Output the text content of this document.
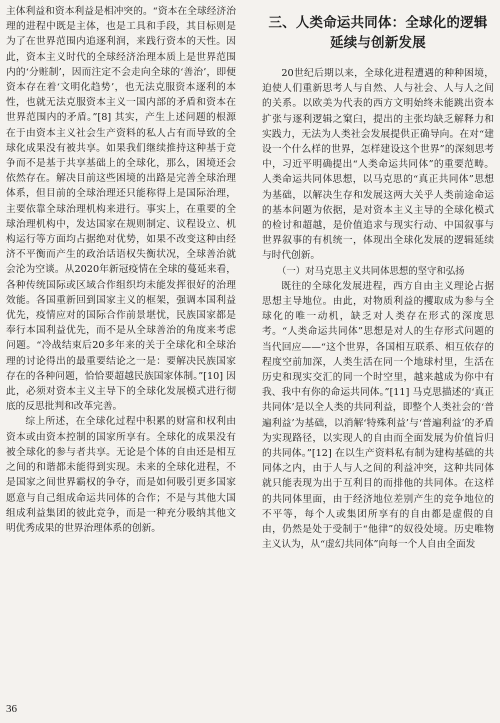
主体利益和资本利益是相冲突的。“资本在全球经济治理的进程中既是主体，也是工具和手段，其目标则是为了在世界范围内追逐利润，来践行资本的天性。因此，资本主义时代的全球经济治理本质上是世界范围内的‘分赃制’，因而注定不会走向全球的‘善治’，即便资本存在着‘文明化趋势’，也无法克服资本逐利的本性，也就无法克服资本主义一国内部的矛盾和资本在世界范围内的矛盾。”[8] 其实，产生上述问题的根源在于由资本主义社会生产资料的私人占有而导致的全球化成果没有被共享。如果我们继续推持这种基于竞争而不是基于共享基础上的全球化，那么，困境还会依然存在。解决目前这些困境的出路是完善全球治理体系，但目前的全球治理还只能称得上是国际治理，主要依靠全球治理机构来进行。事实上，在重要的全球治理机构中，发达国家在规则制定、议程设立、机构运行等方面均占据绝对优势，如果不改变这种由经济不平衡而产生的政治话语权失衡状况，全球善治就会沦为空谈。从2020年新冠疫情在全球的蔓延来看，各种传统国际或区域合作组织均未能发挥很好的治理效能。各国重新回到国家主义的框架，强调本国利益优先，疫情应对的国际合作前景堪忧，民族国家都是奉行本国利益优先，而不是从全球善治的角度来考虑问题。“冷战结束后20多年来的关于全球化和全球治理的讨论得出的最重要结论之一是：要解决民族国家存在的各种问题，恰恰要超越民族国家体制。”[10] 因此，必须对资本主义主导下的全球化发展模式进行彻底的反思批判和改革完善。

综上所述，在全球化过程中积累的财富和权利由资本或由资本控制的国家所享有。全球化的成果没有被全球化的参与者共享。无论是个体的自由还是相互之间的和谐都未能得到实现。未来的全球化进程，不是国家之间世界霸权的争夺，而是如何吸引更多国家愿意与自己组成命运共同体的合作；不是与其他大国组成利益集团的彼此竞争，而是一种充分吸纳其他文明优秀成果的世界治理体系的创新。

三、人类命运共同体：全球化的逻辑延续与创新发展

20世纪后期以来，全球化进程遭遇的种种困境，迫使人们重新思考人与自然、人与社会、人与人之间的关系。以欧美为代表的西方文明始终未能跳出资本扩张与逐利逻辑之窠臼，提出的主张均缺乏解释力和实践力，无法为人类社会发展提供正确导向。在对“建设一个什么样的世界，怎样建设这个世界”的深刻思考中，习近平明确提出“人类命运共同体”的重要范畴。人类命运共同体思想，以马克思的“真正共同体”思想为基础，以解决生存和发展这两大关乎人类前途命运的基本问题为依据，是对资本主义主导的全球化模式的检讨和超越，是价值追求与现实行动、中国叙事与世界叙事的有机统一，体现出全球化发展的逻辑延续与时代创新。

（一）对马克思主义共同体思想的坚守和弘扬

既往的全球化发展进程，西方自由主义理论占据思想主导地位。由此，对物质利益的攫取成为参与全球化的唯一动机，缺乏对人类存在形式的深度思考。“人类命运共同体”思想是对人的生存形式问题的当代回应——“这个世界，各国相互联系、相互依存的程度空前加深，人类生活在同一个地球村里，生活在历史和现实交汇的同一个时空里，越来越成为你中有我、我中有你的命运共同体。”[11] 马克思描述的‘真正共同体’是以全人类的共同利益，即整个人类社会的‘普遍利益’为基础，以消解‘特殊利益’与‘普遍利益’的矛盾为实现路径，以实现人的自由而全面发展为价值旨归的共同体。”[12] 在以生产资料私有制为建构基础的共同体之内，由于人与人之间的利益冲突，这种共同体就只能表现为出于互利目的而排他的共同体。在这样的共同体里面，由于经济地位差别产生的竞争地位的不平等，每个人或集团所享有的自由都是虚假的自由，仍然是处于受制于“他律”的奴役处境。历史唯物主义认为，从“虚幻共同体”向每一个人自由全面发

36
